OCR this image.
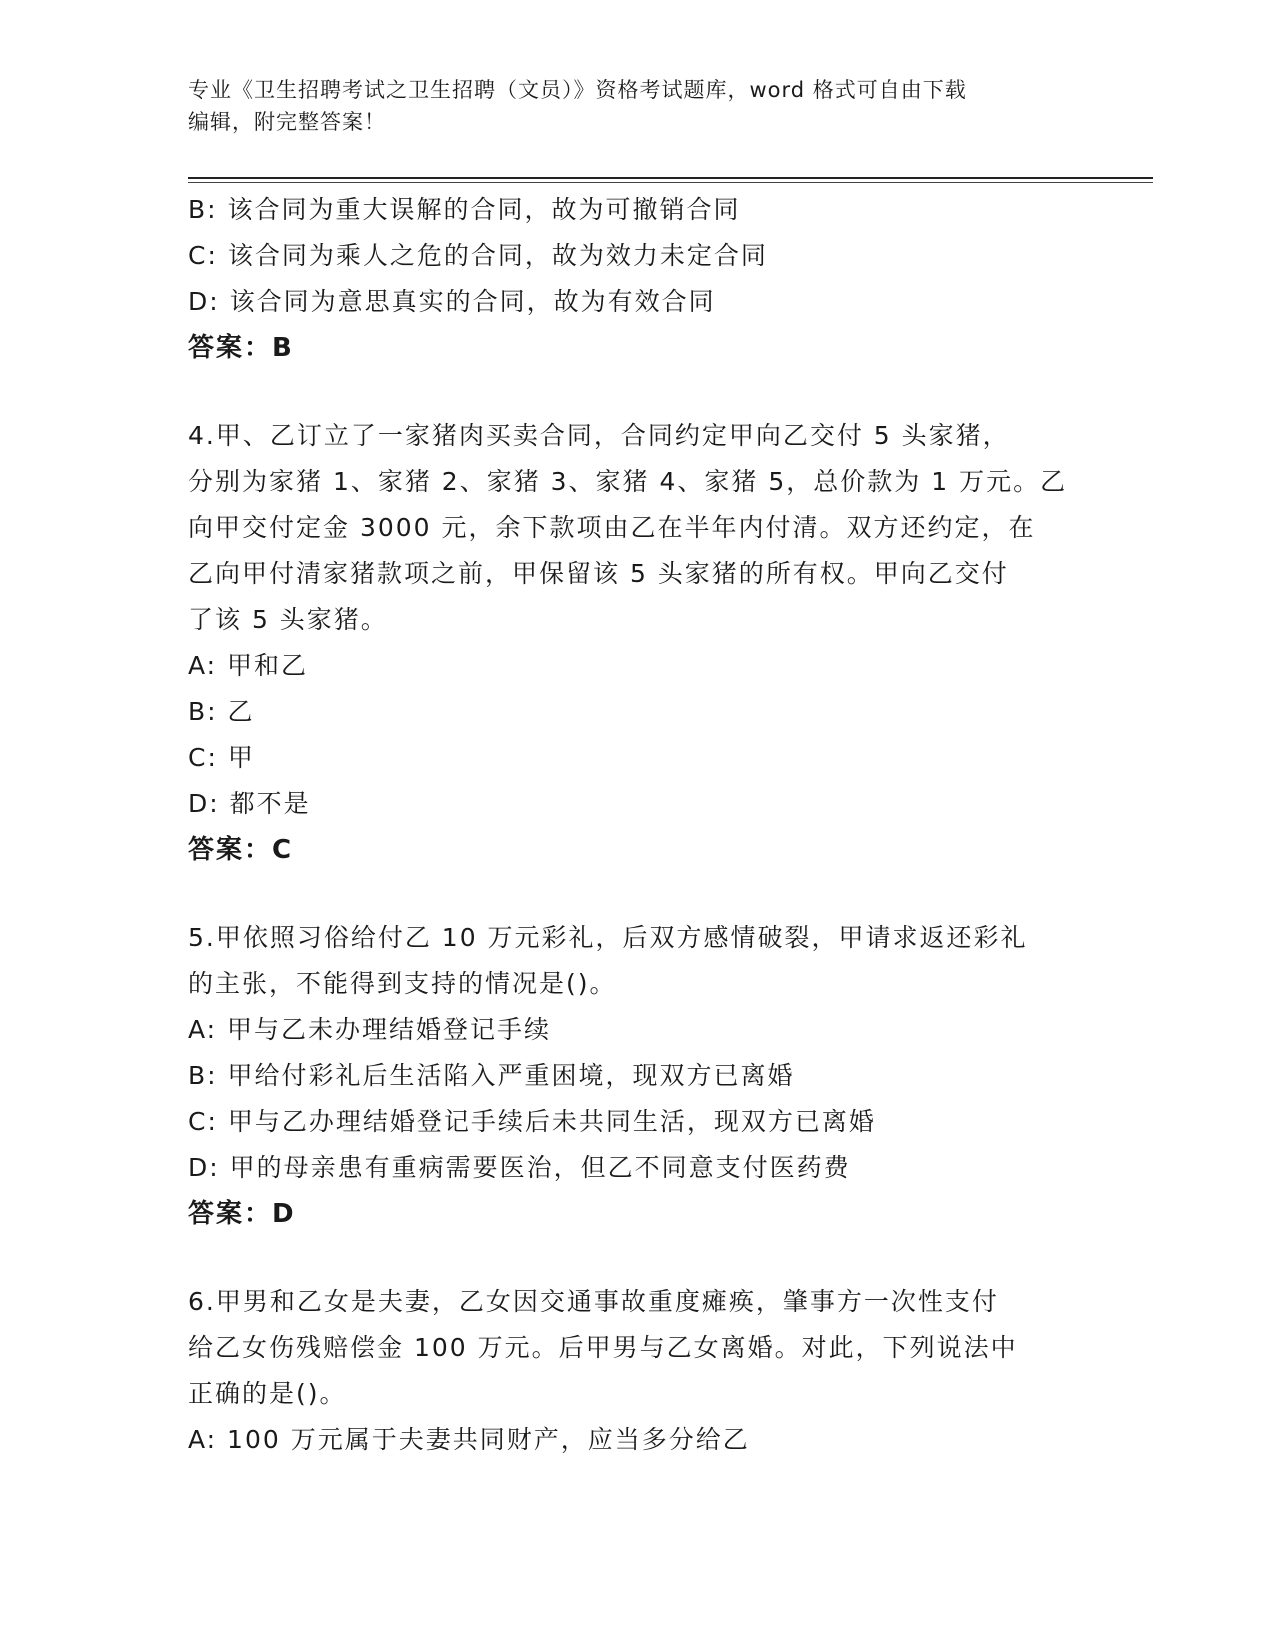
专业《卫生招聘考试之卫生招聘（文员）》资格考试题库，word 格式可自由下载
编辑，附完整答案！
B: 该合同为重大误解的合同，故为可撤销合同
C: 该合同为乘人之危的合同，故为效力未定合同
D: 该合同为意思真实的合同，故为有效合同
答案：B
4.甲、乙订立了一家猪肉买卖合同，合同约定甲向乙交付 5 头家猪，
分别为家猪 1、家猪 2、家猪 3、家猪 4、家猪 5，总价款为 1 万元。乙
向甲交付定金 3000 元，余下款项由乙在半年内付清。双方还约定，在
乙向甲付清家猪款项之前，甲保留该 5 头家猪的所有权。甲向乙交付
了该 5 头家猪。
A: 甲和乙
B: 乙
C: 甲
D: 都不是
答案：C
5.甲依照习俗给付乙 10 万元彩礼，后双方感情破裂，甲请求返还彩礼
的主张，不能得到支持的情况是()。
A: 甲与乙未办理结婚登记手续
B: 甲给付彩礼后生活陷入严重困境，现双方已离婚
C: 甲与乙办理结婚登记手续后未共同生活，现双方已离婚
D: 甲的母亲患有重病需要医治，但乙不同意支付医药费
答案：D
6.甲男和乙女是夫妻，乙女因交通事故重度瘫痪，肇事方一次性支付
给乙女伤残赔偿金 100 万元。后甲男与乙女离婚。对此，下列说法中
正确的是()。
A: 100 万元属于夫妻共同财产，应当多分给乙
